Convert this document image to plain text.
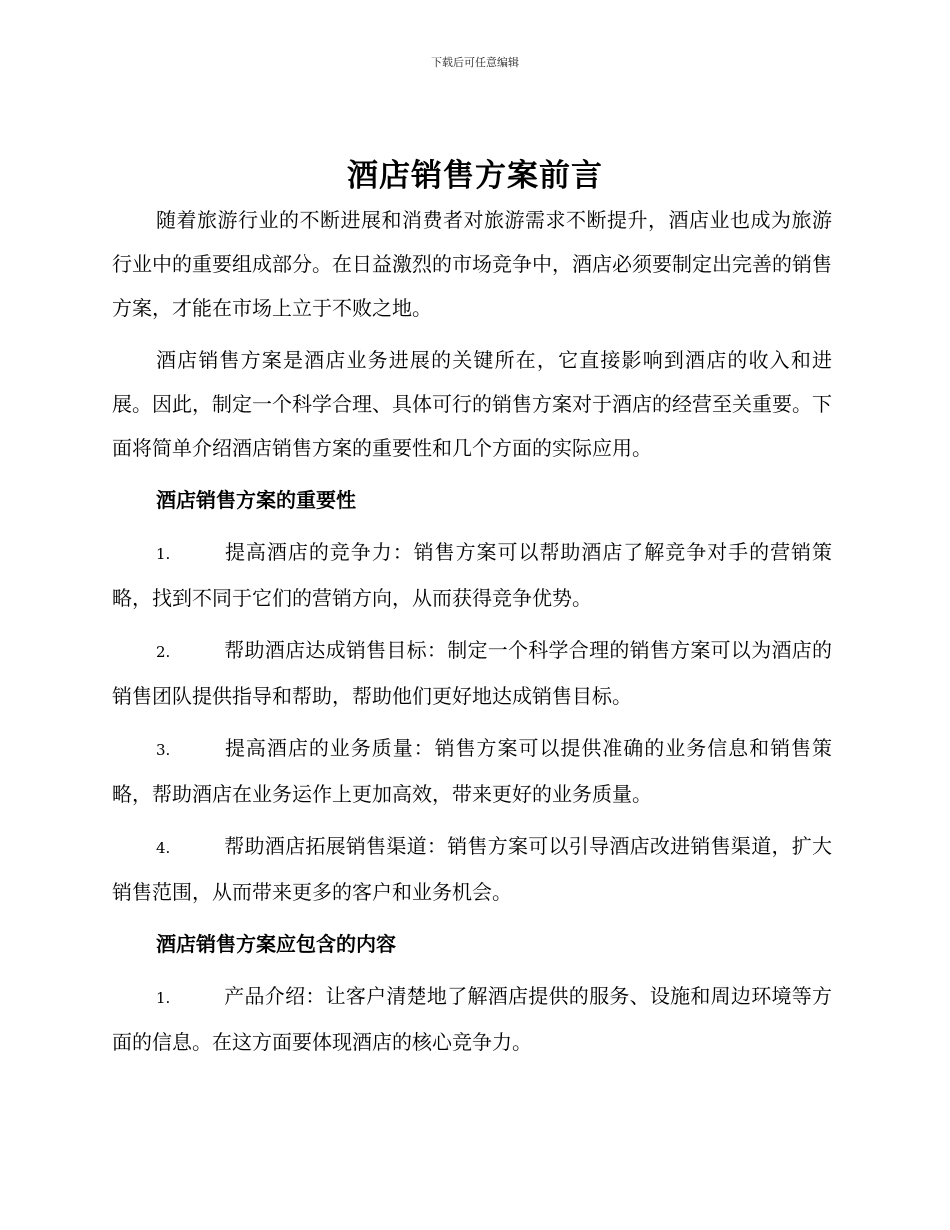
下载后可任意编辑
酒店销售方案前言

随着旅游行业的不断进展和消费者对旅游需求不断提升，酒店业也成为旅游行业中的重要组成部分。在日益激烈的市场竞争中，酒店必须要制定出完善的销售方案，才能在市场上立于不败之地。

酒店销售方案是酒店业务进展的关键所在，它直接影响到酒店的收入和进展。因此，制定一个科学合理、具体可行的销售方案对于酒店的经营至关重要。下面将简单介绍酒店销售方案的重要性和几个方面的实际应用。

酒店销售方案的重要性

1.	提高酒店的竞争力：销售方案可以帮助酒店了解竞争对手的营销策略，找到不同于它们的营销方向，从而获得竞争优势。

2.	帮助酒店达成销售目标：制定一个科学合理的销售方案可以为酒店的销售团队提供指导和帮助，帮助他们更好地达成销售目标。

3.	提高酒店的业务质量：销售方案可以提供准确的业务信息和销售策略，帮助酒店在业务运作上更加高效，带来更好的业务质量。

4.	帮助酒店拓展销售渠道：销售方案可以引导酒店改进销售渠道，扩大销售范围，从而带来更多的客户和业务机会。

酒店销售方案应包含的内容

1.	产品介绍：让客户清楚地了解酒店提供的服务、设施和周边环境等方面的信息。在这方面要体现酒店的核心竞争力。
